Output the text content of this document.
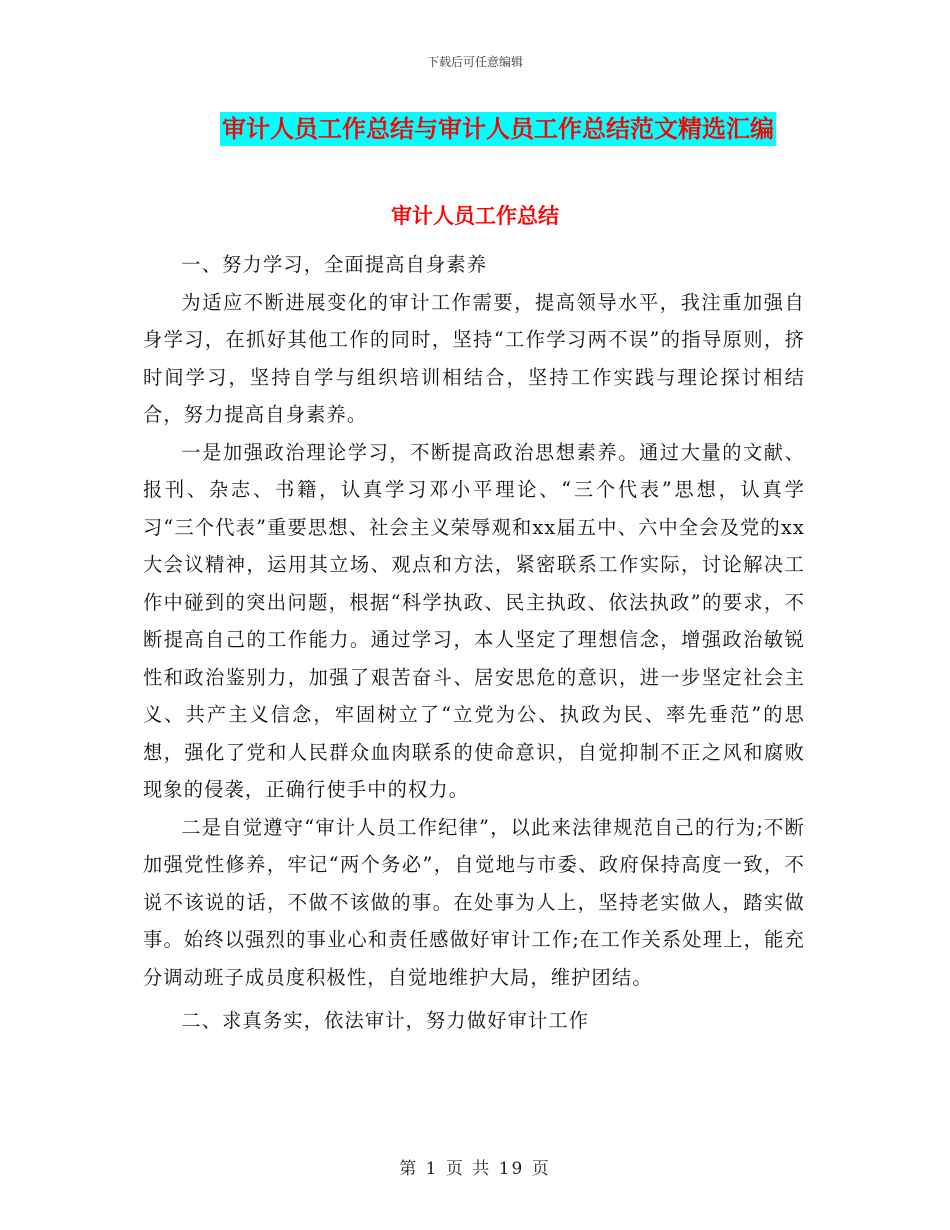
下载后可任意编辑
审计人员工作总结与审计人员工作总结范文精选汇编
审计人员工作总结

一、努力学习，全面提高自身素养

为适应不断进展变化的审计工作需要，提高领导水平，我注重加强自身学习，在抓好其他工作的同时，坚持“工作学习两不误”的指导原则，挤时间学习，坚持自学与组织培训相结合，坚持工作实践与理论探讨相结合，努力提高自身素养。

一是加强政治理论学习，不断提高政治思想素养。通过大量的文献、报刊、杂志、书籍，认真学习邓小平理论、“三个代表”思想，认真学习“三个代表”重要思想、社会主义荣辱观和xx届五中、六中全会及党的xx大会议精神，运用其立场、观点和方法，紧密联系工作实际，讨论解决工作中碰到的突出问题，根据“科学执政、民主执政、依法执政”的要求，不断提高自己的工作能力。通过学习，本人坚定了理想信念，增强政治敏锐性和政治鉴别力，加强了艰苦奋斗、居安思危的意识，进一步坚定社会主义、共产主义信念，牢固树立了“立党为公、执政为民、率先垂范”的思想，强化了党和人民群众血肉联系的使命意识，自觉抑制不正之风和腐败现象的侵袭，正确行使手中的权力。

二是自觉遵守“审计人员工作纪律”，以此来法律规范自己的行为;不断加强党性修养，牢记“两个务必”，自觉地与市委、政府保持高度一致，不说不该说的话，不做不该做的事。在处事为人上，坚持老实做人，踏实做事。始终以强烈的事业心和责任感做好审计工作;在工作关系处理上，能充分调动班子成员度积极性，自觉地维护大局，维护团结。

二、求真务实，依法审计，努力做好审计工作

第 1 页 共 19 页
